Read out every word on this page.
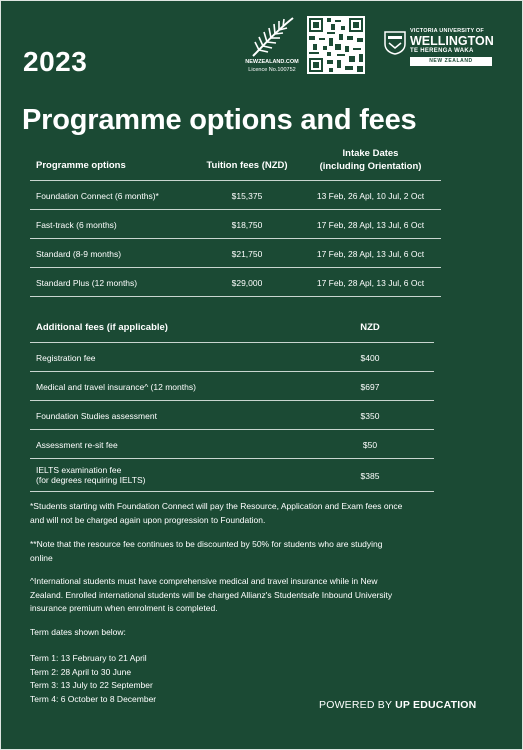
NEWZEALAND.COM
Licence No.100752
VICTORIA UNIVERSITY OF
WELLINGTON
TE HERENGA WAKA
NEW ZEALAND
2023
Programme options and fees
Programme options	Tuition fees (NZD)
Intake Dates
(including Orientation)
Foundation Connect (6 months)*	$15,375	13 Feb, 26 Apl, 10 Jul, 2 Oct
Fast-track (6 months)	$18,750	17 Feb, 28 Apl, 13 Jul, 6 Oct
Standard (8-9 months)	$21,750	17 Feb, 28 Apl, 13 Jul, 6 Oct
Standard Plus (12 months)	$29,000	17 Feb, 28 Apl, 13 Jul, 6 Oct
Additional fees (if applicable)	NZD
Registration fee	$400
Medical and travel insurance^ (12 months)	$697
Foundation Studies assessment	$350
Assessment re-sit fee	$50
IELTS examination fee
(for degrees requiring IELTS)	$385

*Students starting with Foundation Connect will pay the Resource, Application and Exam fees once
and will not be charged again upon progression to Foundation.

**Note that the resource fee continues to be discounted by 50% for students who are studying
online

^International students must have comprehensive medical and travel insurance while in New
Zealand. Enrolled international students will be charged Allianz's Studentsafe Inbound University
insurance premium when enrolment is completed.

Term dates shown below:

Term 1: 13 February to 21 April
Term 2: 28 April to 30 June
Term 3: 13 July to 22 September
Term 4: 6 October to 8 December
POWERED BY UP EDUCATION
